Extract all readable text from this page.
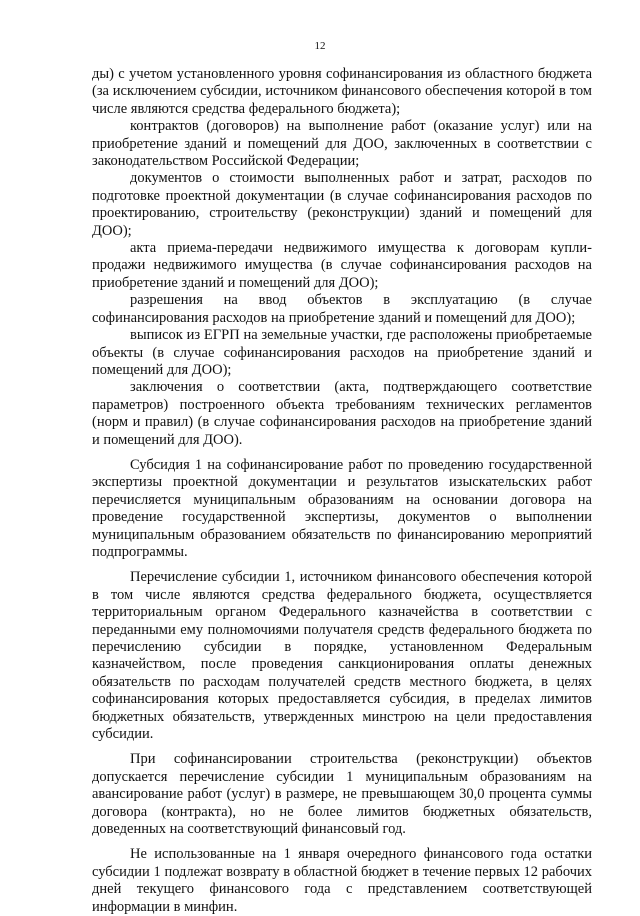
12

ды) с учетом установленного уровня софинансирования из областного бюджета (за исключением субсидии, источником финансового обеспечения которой в том числе являются средства федерального бюджета);

контрактов (договоров) на выполнение работ (оказание услуг) или на приобретение зданий и помещений для ДОО, заключенных в соответствии с законодательством Российской Федерации;

документов о стоимости выполненных работ и затрат, расходов по подготовке проектной документации (в случае софинансирования расходов по проектированию, строительству (реконструкции) зданий и помещений для ДОО);

акта приема-передачи недвижимого имущества к договорам купли-продажи недвижимого имущества (в случае софинансирования расходов на приобретение зданий и помещений для ДОО);

разрешения на ввод объектов в эксплуатацию (в случае софинансирования расходов на приобретение зданий и помещений для ДОО);

выписок из ЕГРП на земельные участки, где расположены приобретаемые объекты (в случае софинансирования расходов на приобретение зданий и помещений для ДОО);

заключения о соответствии (акта, подтверждающего соответствие параметров) построенного объекта требованиям технических регламентов (норм и правил) (в случае софинансирования расходов на приобретение зданий и помещений для ДОО).

Субсидия 1 на софинансирование работ по проведению государственной экспертизы проектной документации и результатов изыскательских работ перечисляется муниципальным образованиям на основании договора на проведение государственной экспертизы, документов о выполнении муниципальным образованием обязательств по финансированию мероприятий подпрограммы.

Перечисление субсидии 1, источником финансового обеспечения которой в том числе являются средства федерального бюджета, осуществляется территориальным органом Федерального казначейства в соответствии с переданными ему полномочиями получателя средств федерального бюджета по перечислению субсидии в порядке, установленном Федеральным казначейством, после проведения санкционирования оплаты денежных обязательств по расходам получателей средств местного бюджета, в целях софинансирования которых предоставляется субсидия, в пределах лимитов бюджетных обязательств, утвержденных минстрою на цели предоставления субсидии.

При софинансировании строительства (реконструкции) объектов допускается перечисление субсидии 1 муниципальным образованиям на авансирование работ (услуг) в размере, не превышающем 30,0 процента суммы договора (контракта), но не более лимитов бюджетных обязательств, доведенных на соответствующий финансовый год.

Не использованные на 1 января очередного финансового года остатки субсидии 1 подлежат возврату в областной бюджет в течение первых 12 рабочих дней текущего финансового года с представлением соответствующей информации в минфин.
